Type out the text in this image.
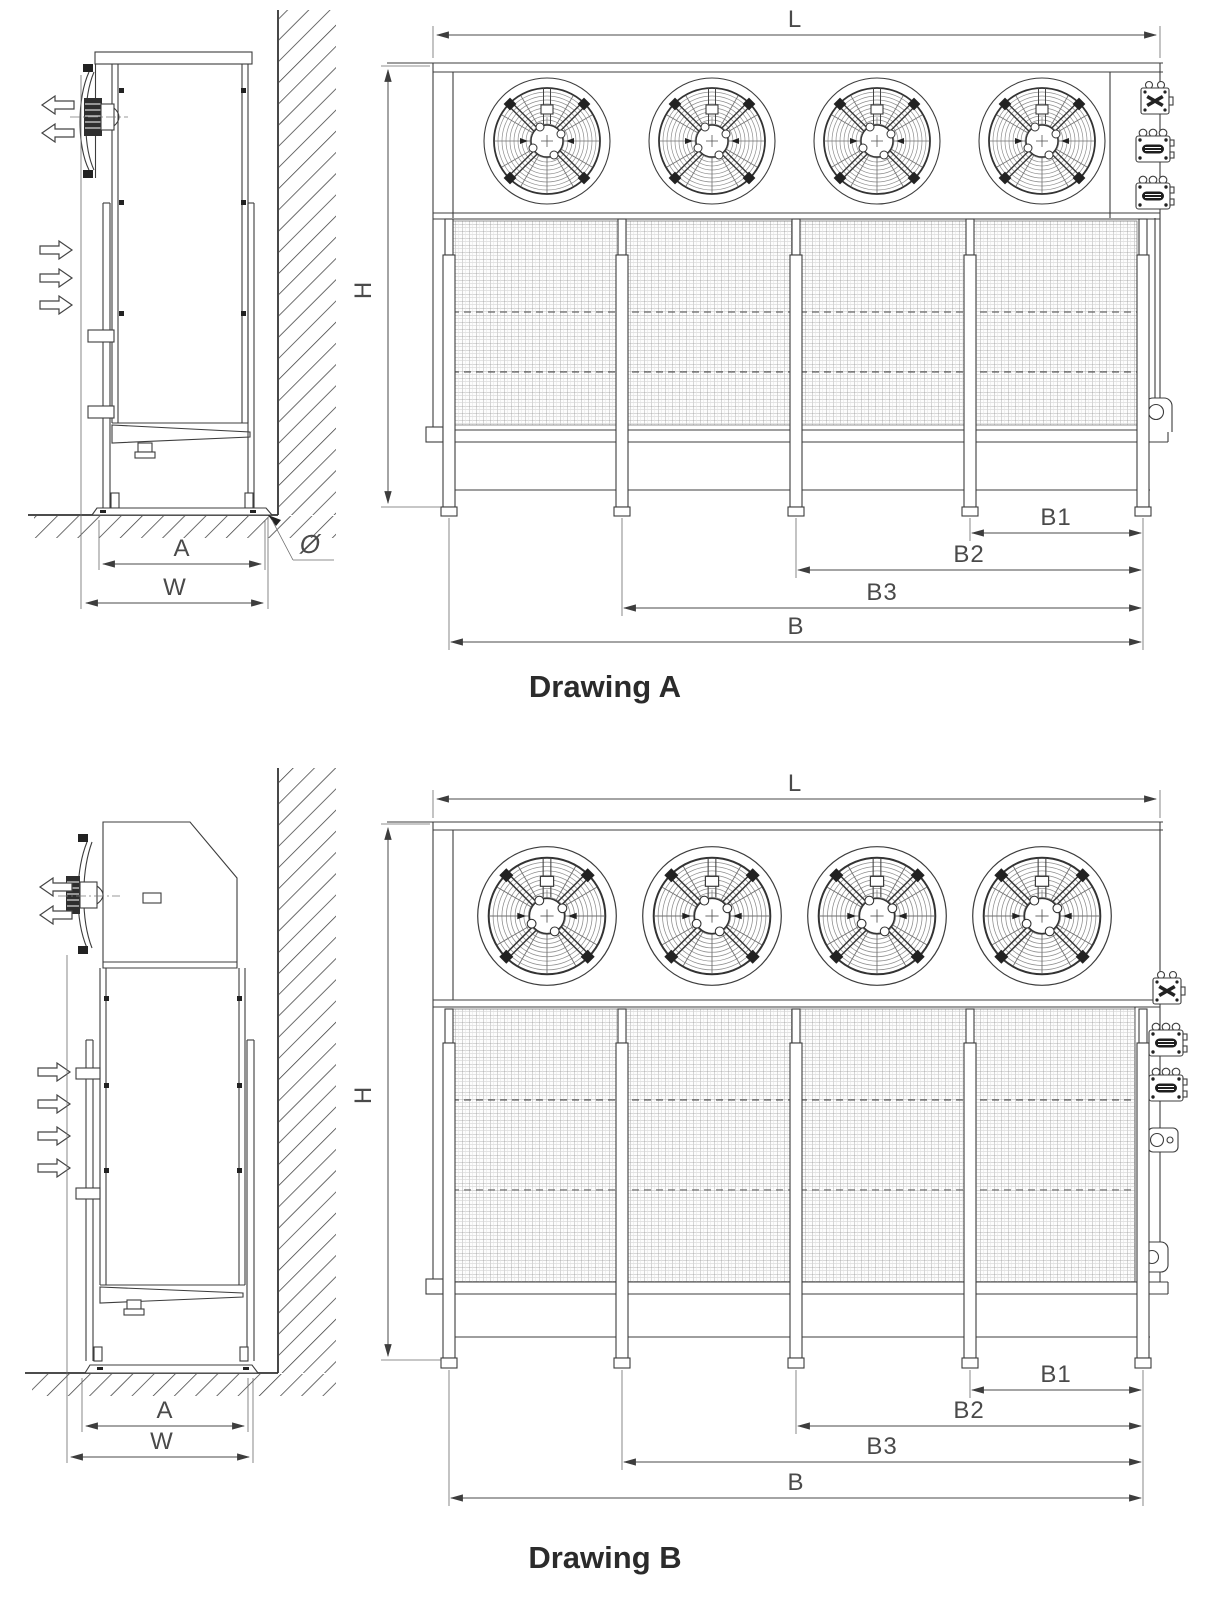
A
W
Ø
L
H
B1
B2
B3
B
Drawing A
A
W
L
H
B1
B2
B3
B
Drawing B
